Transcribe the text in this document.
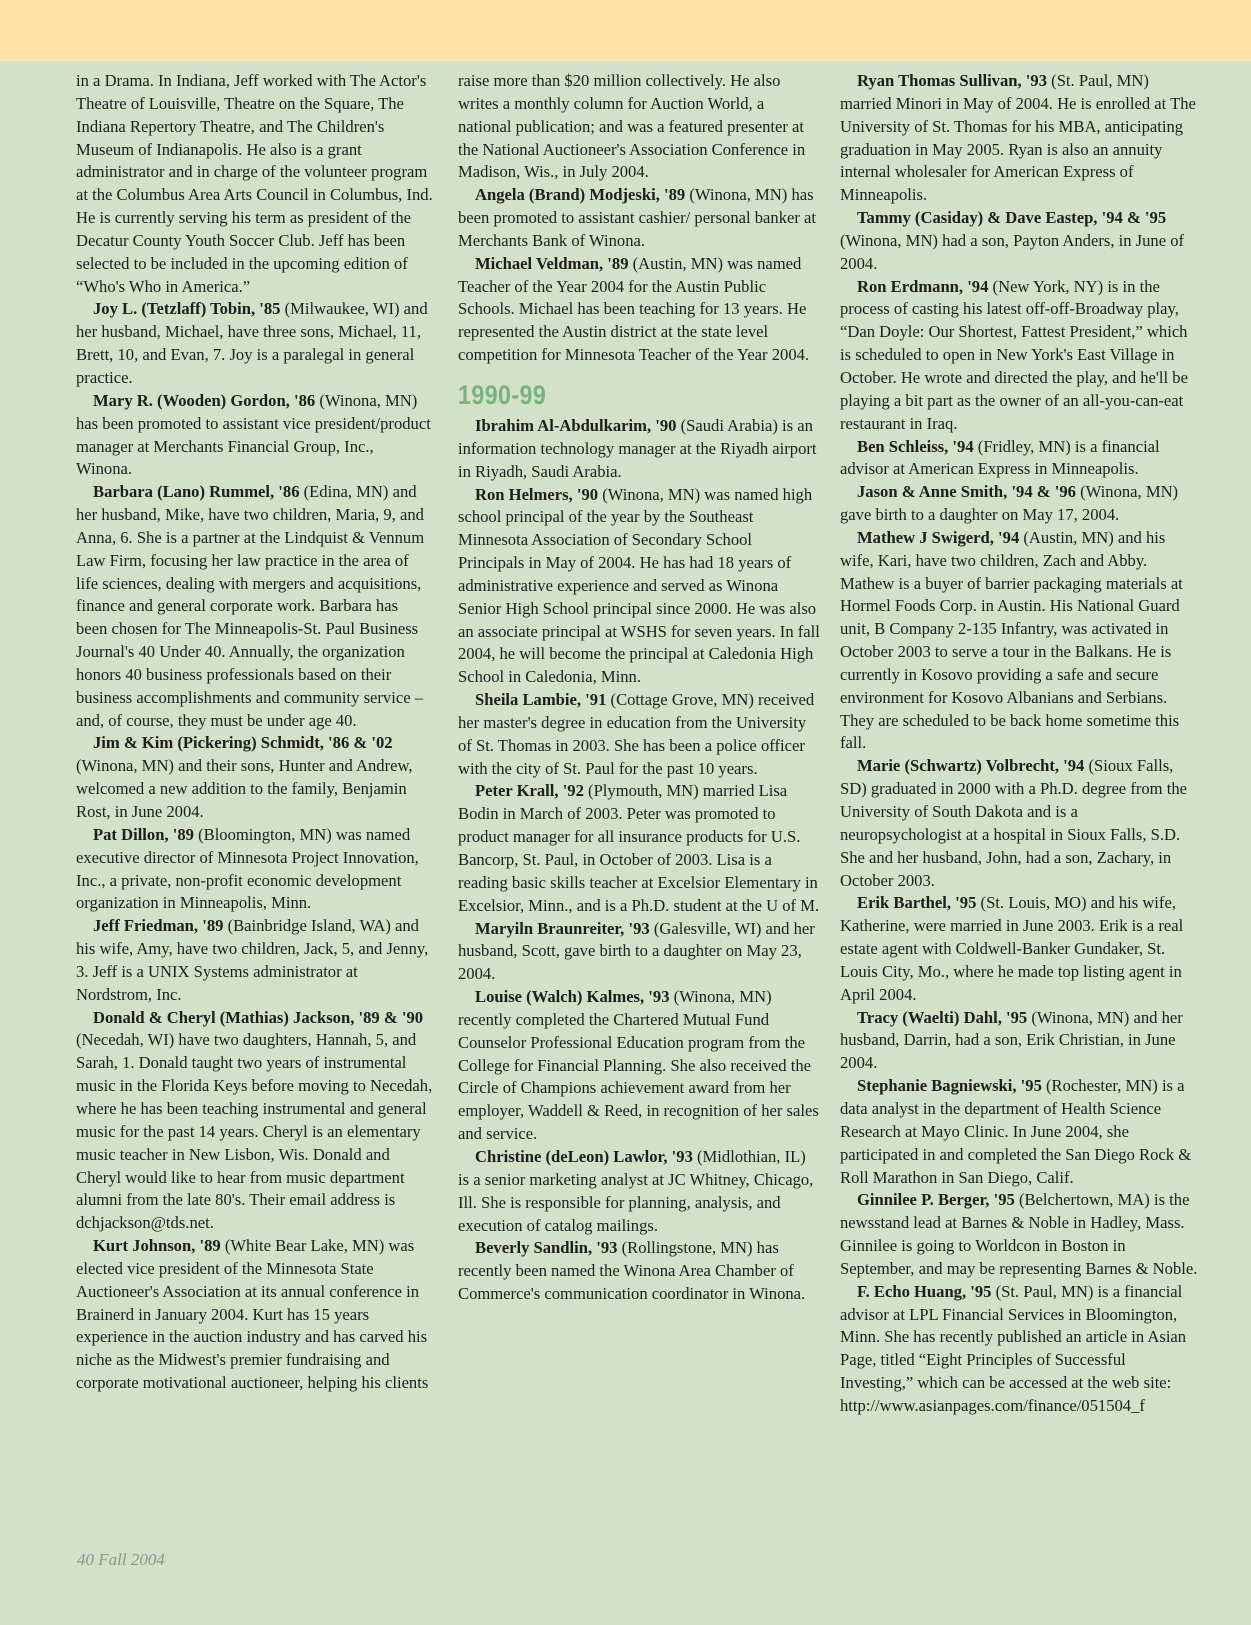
in a Drama. In Indiana, Jeff worked with The Actor's Theatre of Louisville, Theatre on the Square, The Indiana Repertory Theatre, and The Children's Museum of Indianapolis. He also is a grant administrator and in charge of the volunteer program at the Columbus Area Arts Council in Columbus, Ind. He is currently serving his term as president of the Decatur County Youth Soccer Club. Jeff has been selected to be included in the upcoming edition of “Who's Who in America.”

Joy L. (Tetzlaff) Tobin, '85 (Milwaukee, WI) and her husband, Michael, have three sons, Michael, 11, Brett, 10, and Evan, 7. Joy is a paralegal in general practice.

Mary R. (Wooden) Gordon, '86 (Winona, MN) has been promoted to assistant vice president/product manager at Merchants Financial Group, Inc., Winona.

Barbara (Lano) Rummel, '86 (Edina, MN) and her husband, Mike, have two children, Maria, 9, and Anna, 6. She is a partner at the Lindquist & Vennum Law Firm, focusing her law practice in the area of life sciences, dealing with mergers and acquisitions, finance and general corporate work. Barbara has been chosen for The Minneapolis-St. Paul Business Journal's 40 Under 40. Annually, the organization honors 40 business professionals based on their business accomplishments and community service – and, of course, they must be under age 40.

Jim & Kim (Pickering) Schmidt, '86 & '02 (Winona, MN) and their sons, Hunter and Andrew, welcomed a new addition to the family, Benjamin Rost, in June 2004.

Pat Dillon, '89 (Bloomington, MN) was named executive director of Minnesota Project Innovation, Inc., a private, non-profit economic development organization in Minneapolis, Minn.

Jeff Friedman, '89 (Bainbridge Island, WA) and his wife, Amy, have two children, Jack, 5, and Jenny, 3. Jeff is a UNIX Systems administrator at Nordstrom, Inc.

Donald & Cheryl (Mathias) Jackson, '89 & '90 (Necedah, WI) have two daughters, Hannah, 5, and Sarah, 1. Donald taught two years of instrumental music in the Florida Keys before moving to Necedah, where he has been teaching instrumental and general music for the past 14 years. Cheryl is an elementary music teacher in New Lisbon, Wis. Donald and Cheryl would like to hear from music department alumni from the late 80's. Their email address is dchjackson@tds.net.

Kurt Johnson, '89 (White Bear Lake, MN) was elected vice president of the Minnesota State Auctioneer's Association at its annual conference in Brainerd in January 2004. Kurt has 15 years experience in the auction industry and has carved his niche as the Midwest's premier fundraising and corporate motivational auctioneer, helping his clients

raise more than $20 million collectively. He also writes a monthly column for Auction World, a national publication; and was a featured presenter at the National Auctioneer's Association Conference in Madison, Wis., in July 2004.

Angela (Brand) Modjeski, '89 (Winona, MN) has been promoted to assistant cashier/ personal banker at Merchants Bank of Winona.

Michael Veldman, '89 (Austin, MN) was named Teacher of the Year 2004 for the Austin Public Schools. Michael has been teaching for 13 years. He represented the Austin district at the state level competition for Minnesota Teacher of the Year 2004.

1990-99

Ibrahim Al-Abdulkarim, '90 (Saudi Arabia) is an information technology manager at the Riyadh airport in Riyadh, Saudi Arabia.

Ron Helmers, '90 (Winona, MN) was named high school principal of the year by the Southeast Minnesota Association of Secondary School Principals in May of 2004. He has had 18 years of administrative experience and served as Winona Senior High School principal since 2000. He was also an associate principal at WSHS for seven years. In fall 2004, he will become the principal at Caledonia High School in Caledonia, Minn.

Sheila Lambie, '91 (Cottage Grove, MN) received her master's degree in education from the University of St. Thomas in 2003. She has been a police officer with the city of St. Paul for the past 10 years.

Peter Krall, '92 (Plymouth, MN) married Lisa Bodin in March of 2003. Peter was promoted to product manager for all insurance products for U.S. Bancorp, St. Paul, in October of 2003. Lisa is a reading basic skills teacher at Excelsior Elementary in Excelsior, Minn., and is a Ph.D. student at the U of M.

Maryiln Braunreiter, '93 (Galesville, WI) and her husband, Scott, gave birth to a daughter on May 23, 2004.

Louise (Walch) Kalmes, '93 (Winona, MN) recently completed the Chartered Mutual Fund Counselor Professional Education program from the College for Financial Planning. She also received the Circle of Champions achievement award from her employer, Waddell & Reed, in recognition of her sales and service.

Christine (deLeon) Lawlor, '93 (Midlothian, IL) is a senior marketing analyst at JC Whitney, Chicago, Ill. She is responsible for planning, analysis, and execution of catalog mailings.

Beverly Sandlin, '93 (Rollingstone, MN) has recently been named the Winona Area Chamber of Commerce's communication coordinator in Winona.

Ryan Thomas Sullivan, '93 (St. Paul, MN) married Minori in May of 2004. He is enrolled at The University of St. Thomas for his MBA, anticipating graduation in May 2005. Ryan is also an annuity internal wholesaler for American Express of Minneapolis.

Tammy (Casiday) & Dave Eastep, '94 & '95 (Winona, MN) had a son, Payton Anders, in June of 2004.

Ron Erdmann, '94 (New York, NY) is in the process of casting his latest off-off-Broadway play, “Dan Doyle: Our Shortest, Fattest President,” which is scheduled to open in New York's East Village in October. He wrote and directed the play, and he'll be playing a bit part as the owner of an all-you-can-eat restaurant in Iraq.

Ben Schleiss, '94 (Fridley, MN) is a financial advisor at American Express in Minneapolis.

Jason & Anne Smith, '94 & '96 (Winona, MN) gave birth to a daughter on May 17, 2004.

Mathew J Swigerd, '94 (Austin, MN) and his wife, Kari, have two children, Zach and Abby. Mathew is a buyer of barrier packaging materials at Hormel Foods Corp. in Austin. His National Guard unit, B Company 2-135 Infantry, was activated in October 2003 to serve a tour in the Balkans. He is currently in Kosovo providing a safe and secure environment for Kosovo Albanians and Serbians. They are scheduled to be back home sometime this fall.

Marie (Schwartz) Volbrecht, '94 (Sioux Falls, SD) graduated in 2000 with a Ph.D. degree from the University of South Dakota and is a neuropsychologist at a hospital in Sioux Falls, S.D. She and her husband, John, had a son, Zachary, in October 2003.

Erik Barthel, '95 (St. Louis, MO) and his wife, Katherine, were married in June 2003. Erik is a real estate agent with Coldwell-Banker Gundaker, St. Louis City, Mo., where he made top listing agent in April 2004.

Tracy (Waelti) Dahl, '95 (Winona, MN) and her husband, Darrin, had a son, Erik Christian, in June 2004.

Stephanie Bagniewski, '95 (Rochester, MN) is a data analyst in the department of Health Science Research at Mayo Clinic. In June 2004, she participated in and completed the San Diego Rock & Roll Marathon in San Diego, Calif.

Ginnilee P. Berger, '95 (Belchertown, MA) is the newsstand lead at Barnes & Noble in Hadley, Mass. Ginnilee is going to Worldcon in Boston in September, and may be representing Barnes & Noble.

F. Echo Huang, '95 (St. Paul, MN) is a financial advisor at LPL Financial Services in Bloomington, Minn. She has recently published an article in Asian Page, titled “Eight Principles of Successful Investing,” which can be accessed at the web site: http://www.asianpages.com/finance/051504_f

40 Fall 2004
